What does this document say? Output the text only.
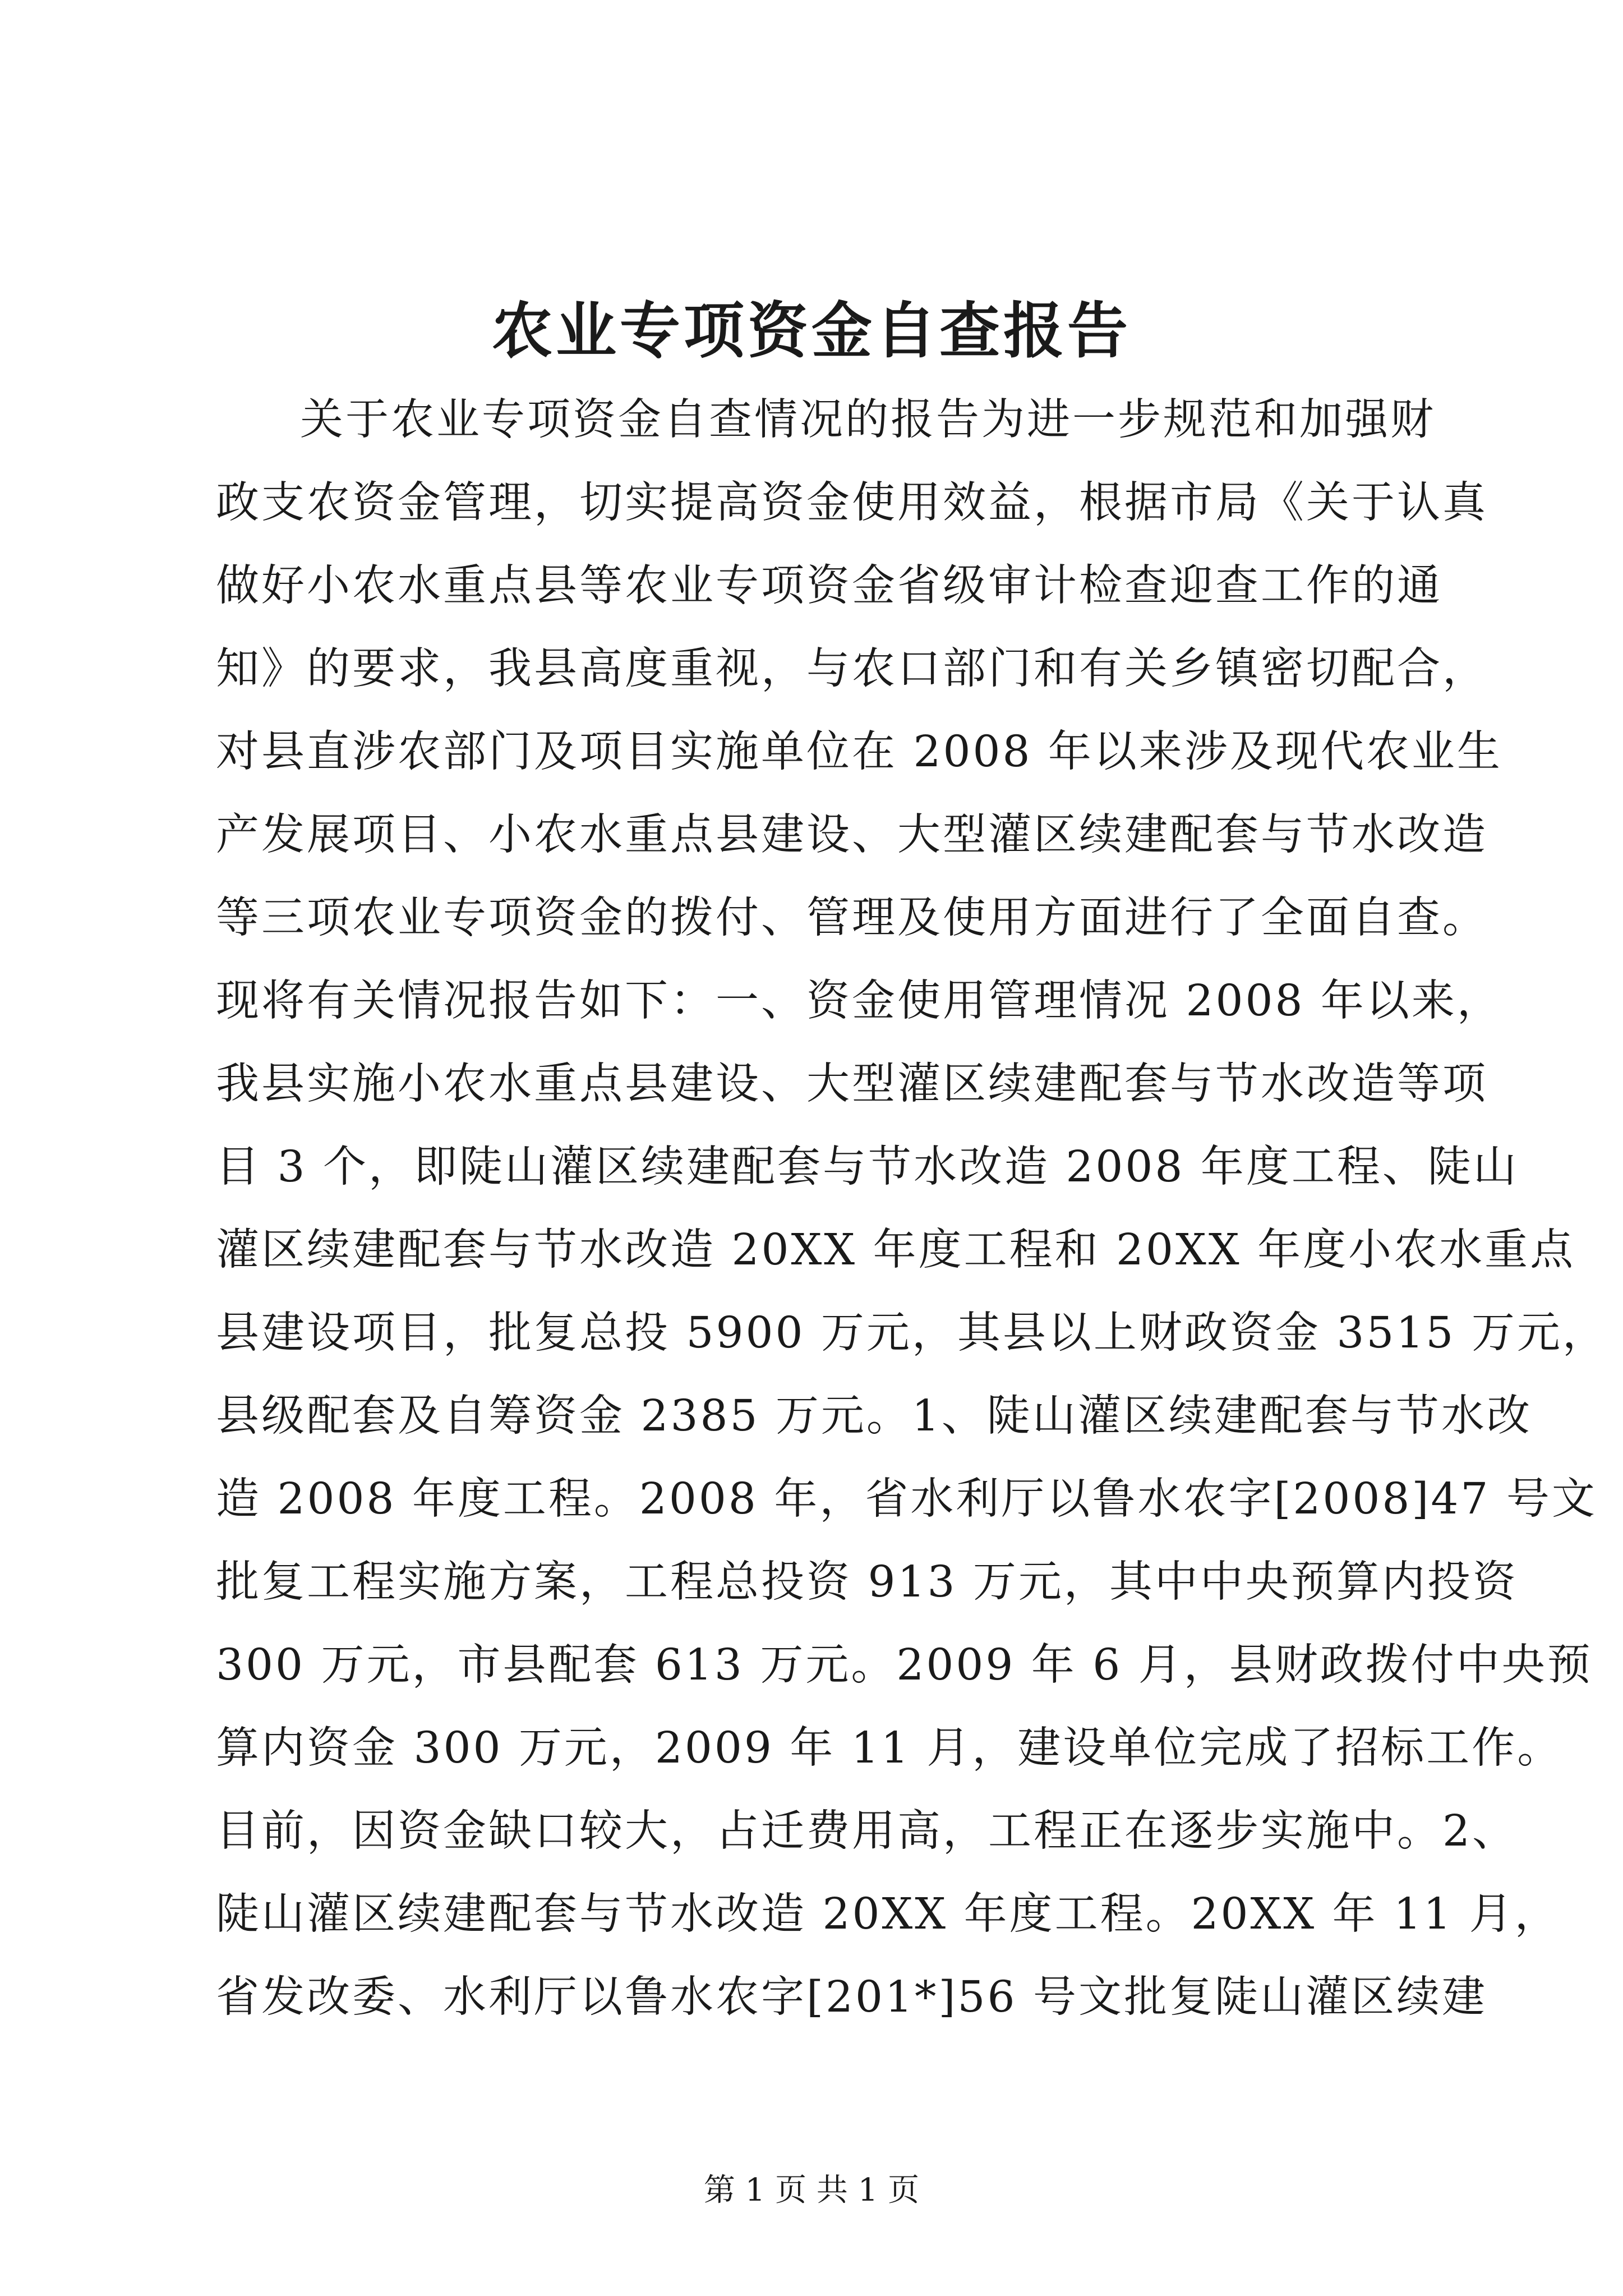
农业专项资金自查报告
关于农业专项资金自查情况的报告为进一步规范和加强财
政支农资金管理，切实提高资金使用效益，根据市局《关于认真
做好小农水重点县等农业专项资金省级审计检查迎查工作的通
知》的要求，我县高度重视，与农口部门和有关乡镇密切配合，
对县直涉农部门及项目实施单位在 2008 年以来涉及现代农业生
产发展项目、小农水重点县建设、大型灌区续建配套与节水改造
等三项农业专项资金的拨付、管理及使用方面进行了全面自查。
现将有关情况报告如下：一、资金使用管理情况 2008 年以来，
我县实施小农水重点县建设、大型灌区续建配套与节水改造等项
目 3 个，即陡山灌区续建配套与节水改造 2008 年度工程、陡山
灌区续建配套与节水改造 20XX 年度工程和 20XX 年度小农水重点
县建设项目，批复总投 5900 万元，其县以上财政资金 3515 万元，
县级配套及自筹资金 2385 万元。1、陡山灌区续建配套与节水改
造 2008 年度工程。2008 年，省水利厅以鲁水农字[2008]47 号文
批复工程实施方案，工程总投资 913 万元，其中中央预算内投资
300 万元，市县配套 613 万元。2009 年 6 月，县财政拨付中央预
算内资金 300 万元，2009 年 11 月，建设单位完成了招标工作。
目前，因资金缺口较大，占迁费用高，工程正在逐步实施中。2、
陡山灌区续建配套与节水改造 20XX 年度工程。20XX 年 11 月，
省发改委、水利厅以鲁水农字[201*]56 号文批复陡山灌区续建
第 1 页 共 1 页
